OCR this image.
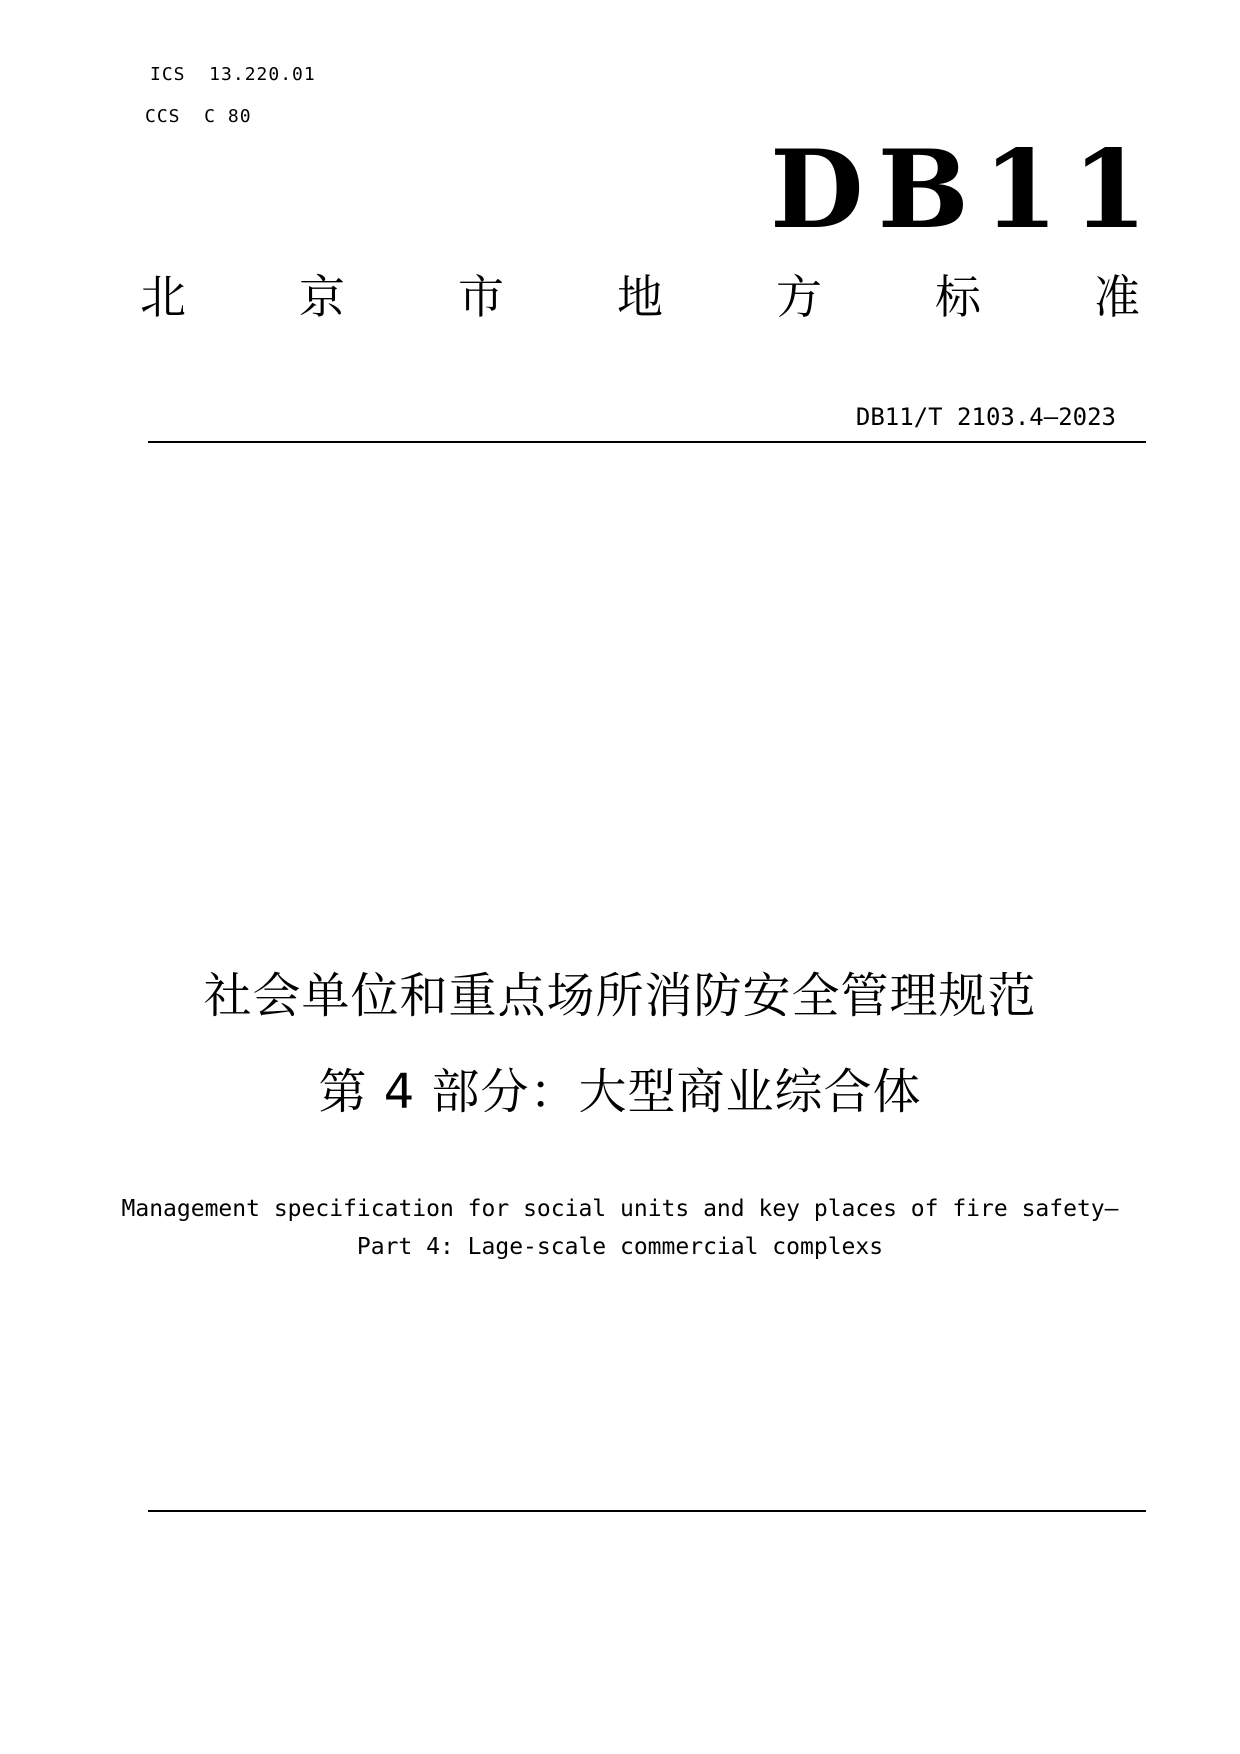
ICS  13.220.01
CCS  C 80
DB11
北 京 市 地 方 标 准
DB11/T 2103.4—2023
社会单位和重点场所消防安全管理规范
第 4 部分：大型商业综合体
Management specification for social units and key places of fire safety—
Part 4: Lage-scale commercial complexs
